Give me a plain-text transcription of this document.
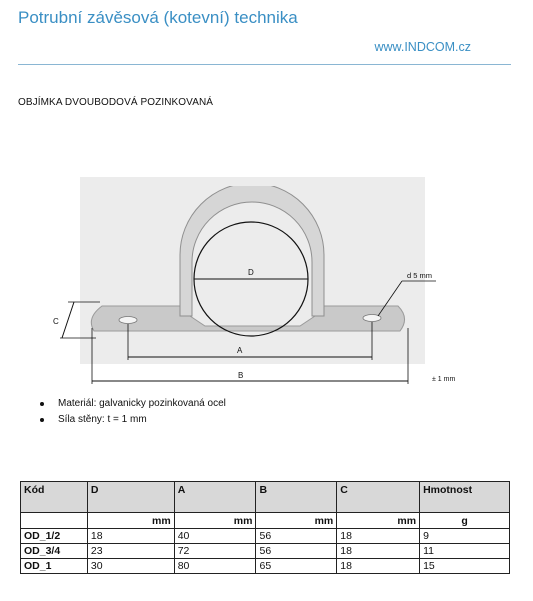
Potrubní závěsová (kotevní) technika
www.INDCOM.cz
OBJÍMKA DVOUBODOVÁ POZINKOVANÁ
D	d 5 mm
C
A
B	± 1 mm
Materiál: galvanicky pozinkovaná ocel
Síla stěny: t = 1 mm
Kód	D	A	B	C	Hmotnost
	mm	mm	mm	mm	g
OD_1/2	18	40	56	18	9
OD_3/4	23	72	56	18	11
OD_1	30	80	65	18	15
